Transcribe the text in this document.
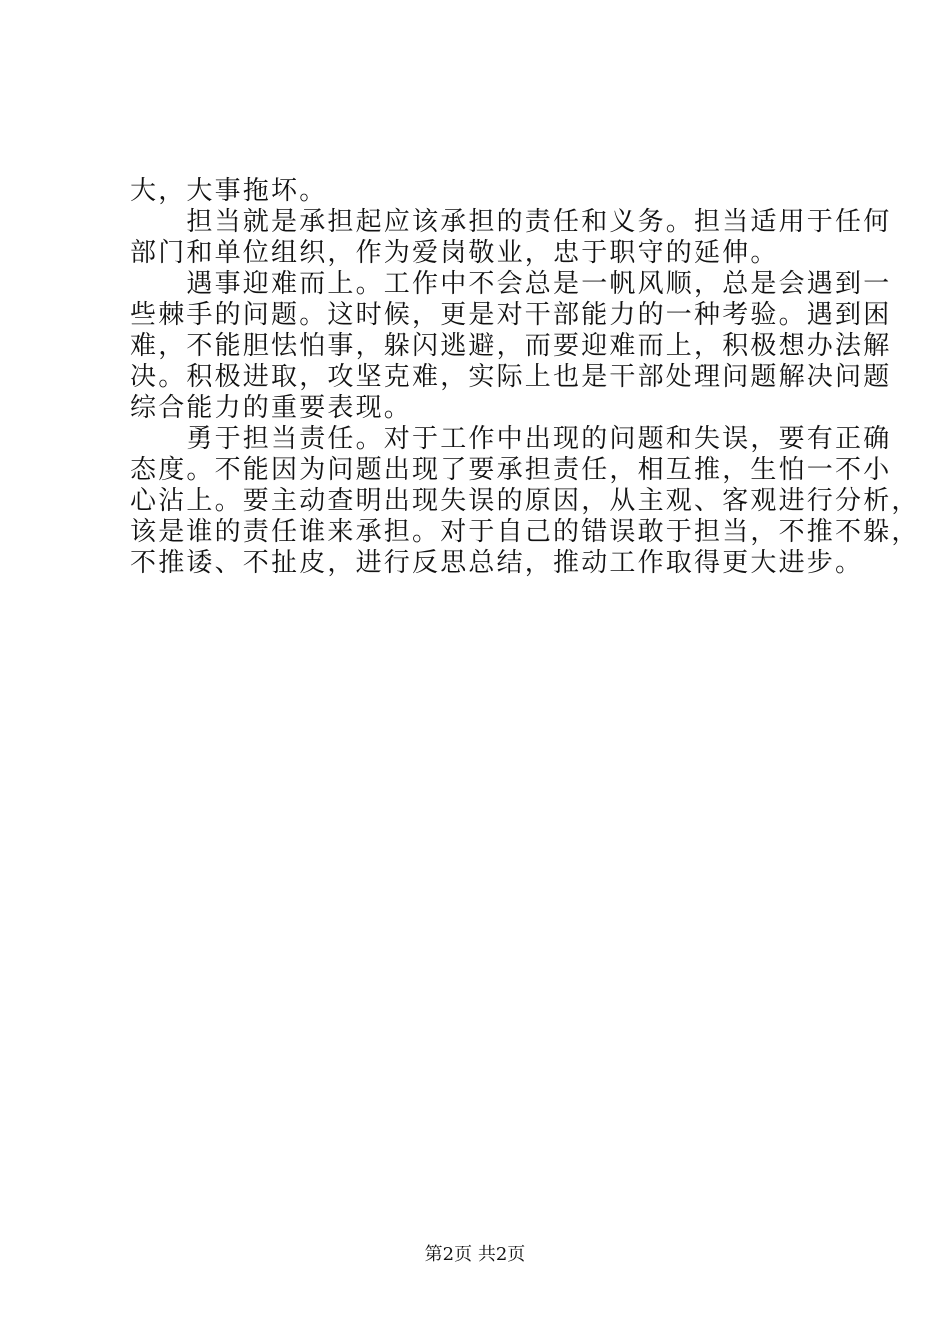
大，大事拖坏。
　　担当就是承担起应该承担的责任和义务。担当适用于任何
部门和单位组织，作为爱岗敬业，忠于职守的延伸。
　　遇事迎难而上。工作中不会总是一帆风顺，总是会遇到一
些棘手的问题。这时候，更是对干部能力的一种考验。遇到困
难，不能胆怯怕事，躲闪逃避，而要迎难而上，积极想办法解
决。积极进取，攻坚克难，实际上也是干部处理问题解决问题
综合能力的重要表现。
　　勇于担当责任。对于工作中出现的问题和失误，要有正确
态度。不能因为问题出现了要承担责任，相互推，生怕一不小
心沾上。要主动查明出现失误的原因，从主观、客观进行分析，
该是谁的责任谁来承担。对于自己的错误敢于担当，不推不躲，
不推诿、不扯皮，进行反思总结，推动工作取得更大进步。
第2页 共2页
